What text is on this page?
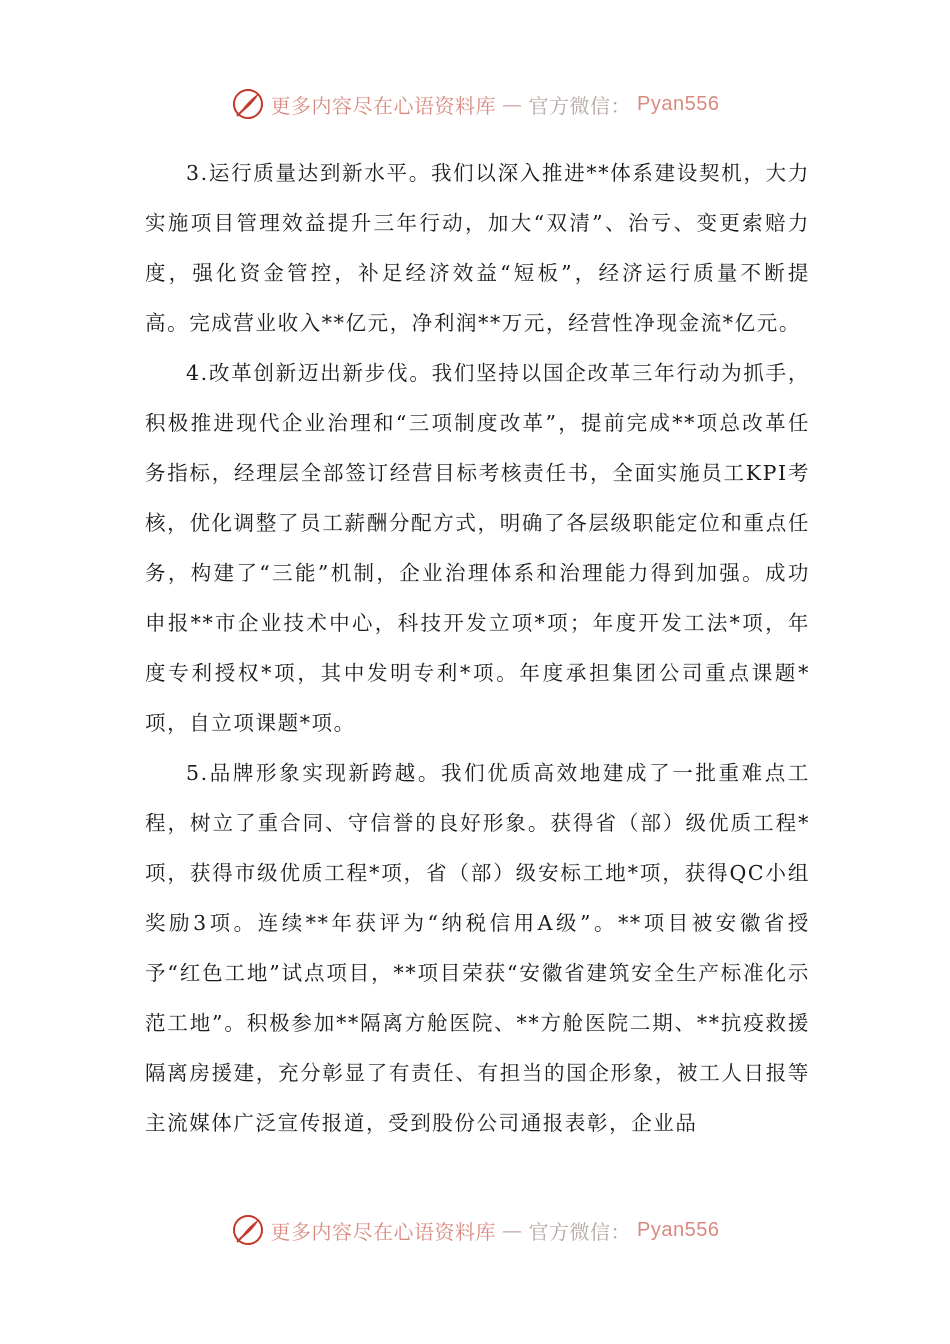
更多内容尽在心语资料库 — 官方微信： Pyan556

3.运行质量达到新水平。我们以深入推进**体系建设契机，大力实施项目管理效益提升三年行动，加大“双清”、治亏、变更索赔力度，强化资金管控，补足经济效益“短板”，经济运行质量不断提高。完成营业收入**亿元，净利润**万元，经营性净现金流*亿元。

4.改革创新迈出新步伐。我们坚持以国企改革三年行动为抓手，积极推进现代企业治理和“三项制度改革”，提前完成**项总改革任务指标，经理层全部签订经营目标考核责任书，全面实施员工KPI考核，优化调整了员工薪酬分配方式，明确了各层级职能定位和重点任务，构建了“三能”机制，企业治理体系和治理能力得到加强。成功申报**市企业技术中心，科技开发立项*项；年度开发工法*项，年度专利授权*项，其中发明专利*项。年度承担集团公司重点课题*项，自立项课题*项。

5.品牌形象实现新跨越。我们优质高效地建成了一批重难点工程，树立了重合同、守信誉的良好形象。获得省（部）级优质工程*项，获得市级优质工程*项，省（部）级安标工地*项，获得QC小组奖励3项。连续**年获评为“纳税信用A级”。**项目被安徽省授予“红色工地”试点项目，**项目荣获“安徽省建筑安全生产标准化示范工地”。积极参加**隔离方舱医院、**方舱医院二期、**抗疫救援隔离房援建，充分彰显了有责任、有担当的国企形象，被工人日报等主流媒体广泛宣传报道，受到股份公司通报表彰，企业品

更多内容尽在心语资料库 — 官方微信： Pyan556
